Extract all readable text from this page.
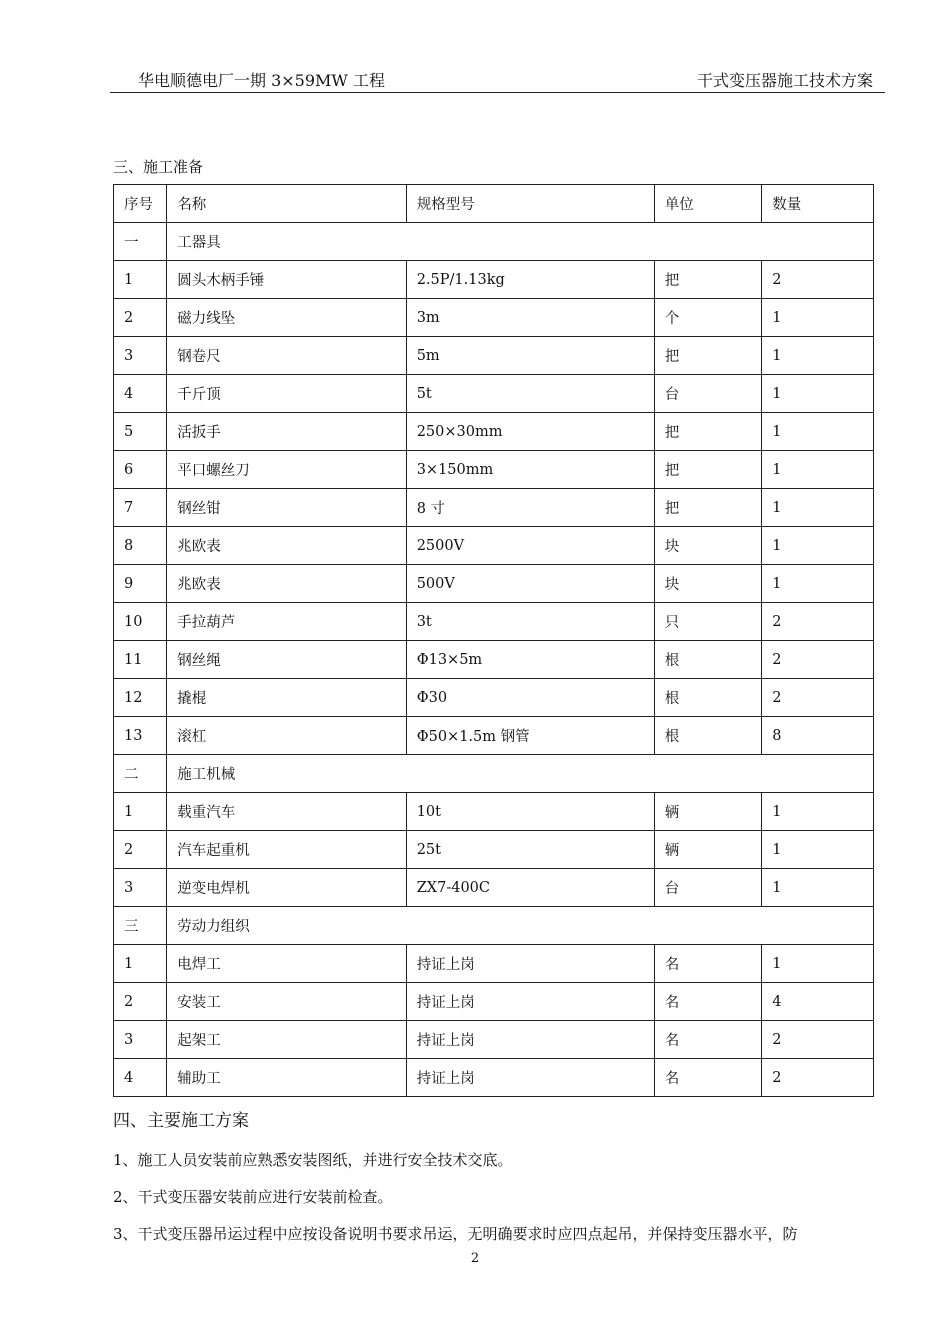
华电顺德电厂一期 3×59MW 工程	干式变压器施工技术方案
三、施工准备
序号	名称	规格型号	单位	数量
一	工器具			
1	圆头木柄手锤	2.5P/1.13kg	把	2
2	磁力线坠	3m	个	1
3	钢卷尺	5m	把	1
4	千斤顶	5t	台	1
5	活扳手	250×30mm	把	1
6	平口螺丝刀	3×150mm	把	1
7	钢丝钳	8 寸	把	1
8	兆欧表	2500V	块	1
9	兆欧表	500V	块	1
10	手拉葫芦	3t	只	2
11	钢丝绳	Φ13×5m	根	2
12	撬棍	Φ30	根	2
13	滚杠	Φ50×1.5m 钢管	根	8
二	施工机械			
1	载重汽车	10t	辆	1
2	汽车起重机	25t	辆	1
3	逆变电焊机	ZX7-400C	台	1
三	劳动力组织			
1	电焊工	持证上岗	名	1
2	安装工	持证上岗	名	4
3	起架工	持证上岗	名	2
4	辅助工	持证上岗	名	2
四、主要施工方案
1、施工人员安装前应熟悉安装图纸，并进行安全技术交底。
2、干式变压器安装前应进行安装前检查。
3、干式变压器吊运过程中应按设备说明书要求吊运，无明确要求时应四点起吊，并保持变压器水平，防
2
